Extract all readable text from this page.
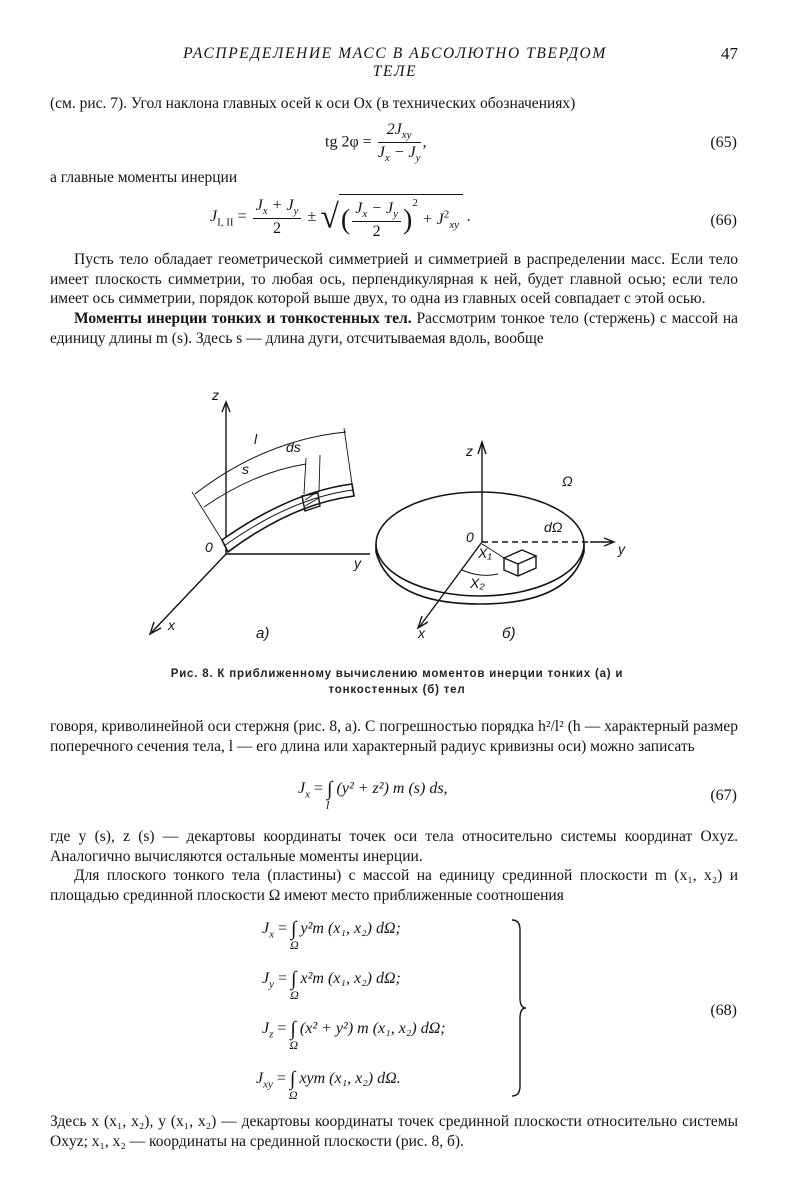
РАСПРЕДЕЛЕНИЕ МАСС В АБСОЛЮТНО ТВЕРДОМ ТЕЛЕ
47

(см. рис. 7). Угол наклона главных осей к оси Ox (в технических обозначениях)

tg $2\varphi = \frac{2J_{xy}}{J_x - J_y}$ ,	(65)

а главные моменты инерции

$J_{I, II} = \frac{J_x + J_y}{2}$ ± √( $\frac{J_x - J_y}{2} )^2 + J^2_{xy}$ .	(66)

Пусть тело обладает геометрической симметрией и симметрией в распределении масс. Если тело имеет плоскость симметрии, то любая ось, перпендикулярная к ней, будет главной осью; если тело имеет ось симметрии, порядок которой выше двух, то одна из главных осей совпадает с этой осью.

Моменты инерции тонких и тонкостенных тел. Рассмотрим тонкое тело (стержень) с массой на единицу длины m (s). Здесь s — длина дуги, отсчитываемая вдоль, вообще

z
y
x
0
l
s
ds
а)
z
y
x
0
Ω
dΩ
X₁
X₂
б)
Рис. 8. К приближенному вычислению моментов инерции тонких (а) и
тонкостенных (б) тел

говоря, криволинейной оси стержня (рис. 8, а). С погрешностью порядка h²/l² (h — характерный размер поперечного сечения тела, l — его длина или характерный радиус кривизны оси) можно записать

$J_x$ = ∫
l
(y² + z²) m (s) ds,	(67)

где y (s), z (s) — декартовы координаты точек оси тела относительно системы координат Oxyz. Аналогично вычисляются остальные моменты инерции.

Для плоского тонкого тела (пластины) с массой на единицу срединной плоскости m (x₁, x₂) и площадью срединной плоскости Ω имеют место приближенные соотношения

$J_x$ = ∫
Ω
y²m (x₁, x₂) dΩ;
$J_y$ = ∫
Ω
x²m (x₁, x₂) dΩ;
$J_z$ = ∫
Ω
(x² + y²) m (x₁, x₂) dΩ;
$J_{xy}$ = ∫
Ω
xym (x₁, x₂) dΩ.
(68)

Здесь x (x₁, x₂), y (x₁, x₂) — декартовы координаты точек срединной плоскости относительно системы Oxyz; x₁, x₂ — координаты на срединной плоскости (рис. 8, б).
